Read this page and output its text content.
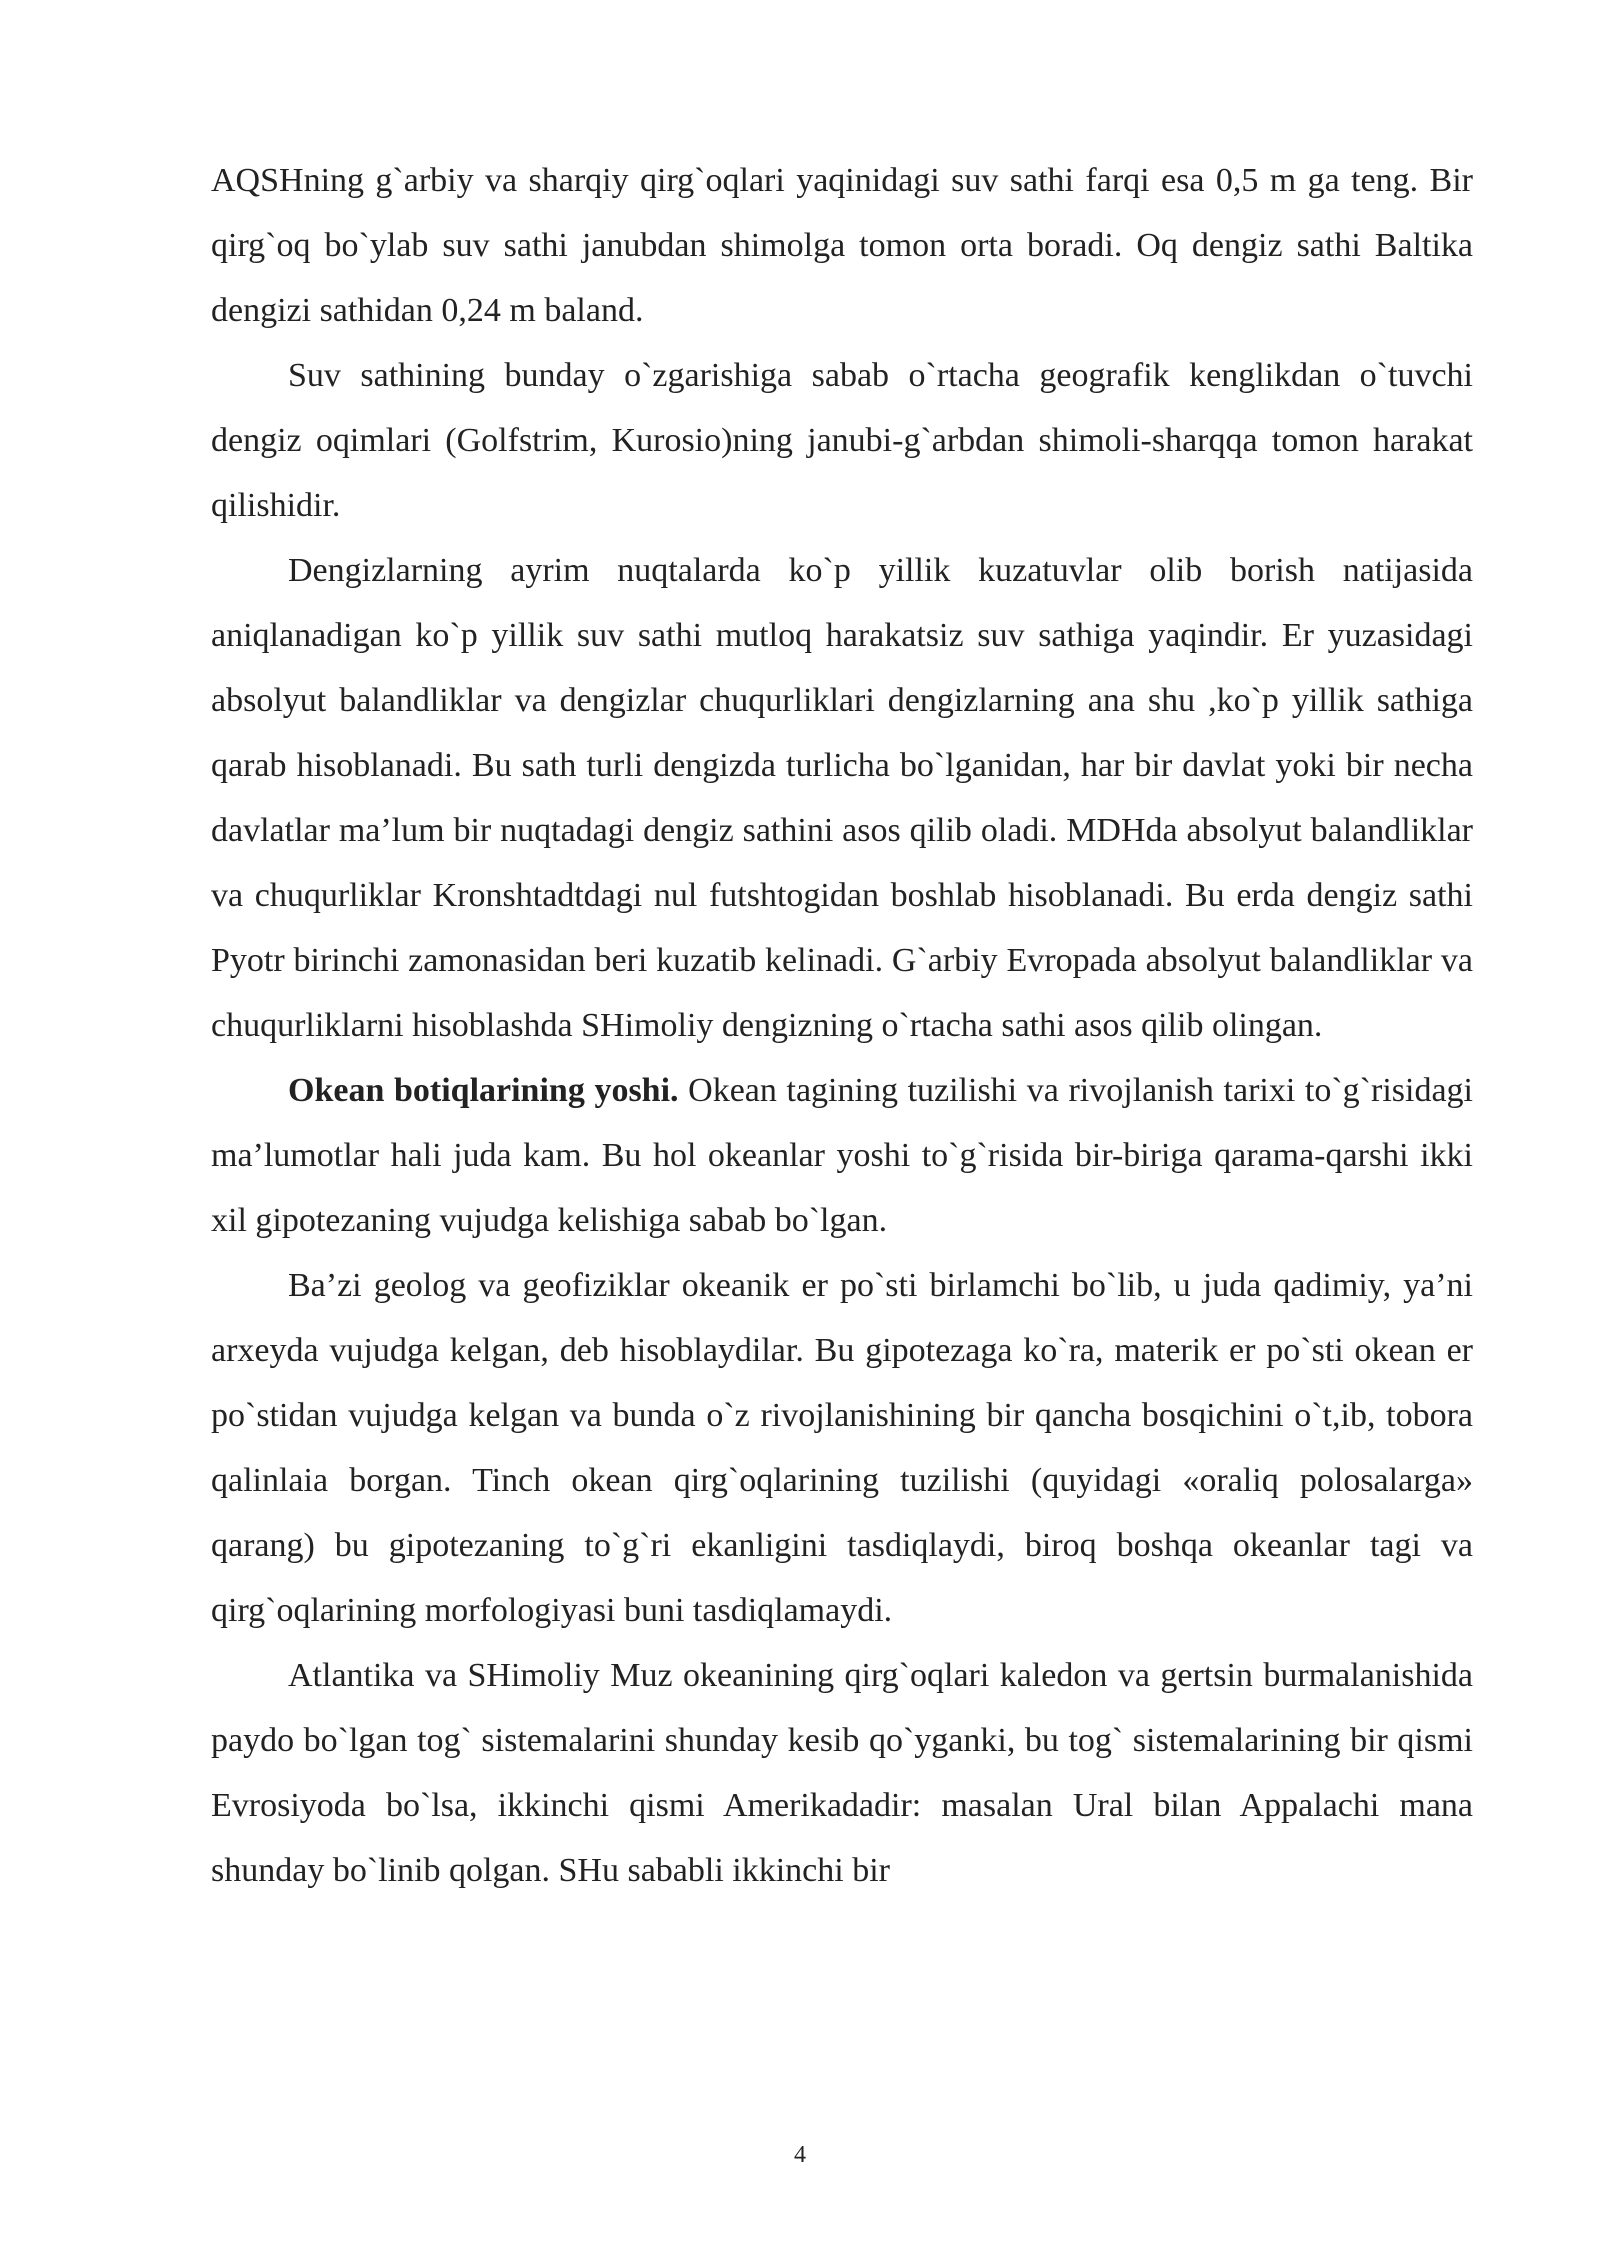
AQSHning g`arbiy va sharqiy qirg`oqlari yaqinidagi suv sathi farqi esa 0,5 m ga teng. Bir qirg`oq bo`ylab suv sathi janubdan shimolga tomon orta boradi. Oq dengiz sathi Baltika dengizi sathidan 0,24 m baland.

Suv sathining bunday o`zgarishiga sabab o`rtacha geografik kenglikdan o`tuvchi dengiz oqimlari (Golfstrim, Kurosio)ning janubi-g`arbdan shimoli-sharqqa tomon harakat qilishidir.

Dengizlarning ayrim nuqtalarda ko`p yillik kuzatuvlar olib borish natijasida aniqlanadigan ko`p yillik suv sathi mutloq harakatsiz suv sathiga yaqindir. Er yuzasidagi absolyut balandliklar va dengizlar chuqurliklari dengizlarning ana shu ,ko`p yillik sathiga qarab hisoblanadi. Bu sath turli dengizda turlicha bo`lganidan, har bir davlat yoki bir necha davlatlar ma’lum bir nuqtadagi dengiz sathini asos qilib oladi. MDHda absolyut balandliklar va chuqurliklar Kronshtadtdagi nul futshtogidan boshlab hisoblanadi. Bu erda dengiz sathi Pyotr birinchi zamonasidan beri kuzatib kelinadi. G`arbiy Evropada absolyut balandliklar va chuqurliklarni hisoblashda SHimoliy dengizning o`rtacha sathi asos qilib olingan.

Okean botiqlarining yoshi. Okean tagining tuzilishi va rivojlanish tarixi to`g`risidagi ma’lumotlar hali juda kam. Bu hol okeanlar yoshi to`g`risida bir-biriga qarama-qarshi ikki xil gipotezaning vujudga kelishiga sabab bo`lgan.

Ba’zi geolog va geofiziklar okeanik er po`sti birlamchi bo`lib, u juda qadimiy, ya’ni arxeyda vujudga kelgan, deb hisoblaydilar. Bu gipotezaga ko`ra, materik er po`sti okean er po`stidan vujudga kelgan va bunda o`z rivojlanishining bir qancha bosqichini o`t,ib, tobora qalinlaia borgan. Tinch okean qirg`oqlarining tuzilishi (quyidagi «oraliq polosalarga» qarang) bu gipotezaning to`g`ri ekanligini tasdiqlaydi, biroq boshqa okeanlar tagi va qirg`oqlarining morfologiyasi buni tasdiqlamaydi.

Atlantika va SHimoliy Muz okeanining qirg`oqlari kaledon va gertsin burmalanishida paydo bo`lgan tog` sistemalarini shunday kesib qo`yganki, bu tog` sistemalarining bir qismi Evrosiyoda bo`lsa, ikkinchi qismi Amerikadadir: masalan Ural bilan Appalachi mana shunday bo`linib qolgan. SHu sababli ikkinchi bir

4
